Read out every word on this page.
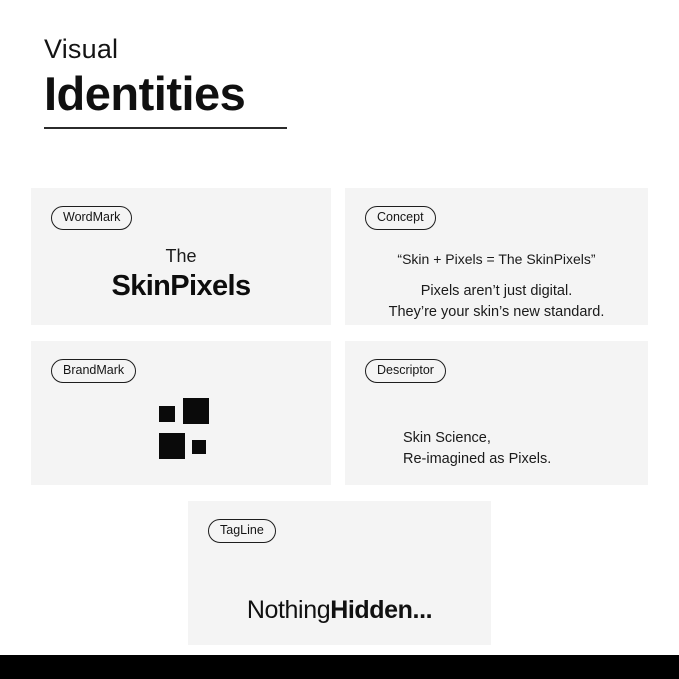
Visual
Identities
WordMark
The
SkinPixels
Concept
“Skin + Pixels = The SkinPixels”
Pixels aren’t just digital.
They’re your skin’s new standard.
BrandMark	Descriptor
Skin Science,
Re-imagined as Pixels.
TagLine
NothingHidden...
